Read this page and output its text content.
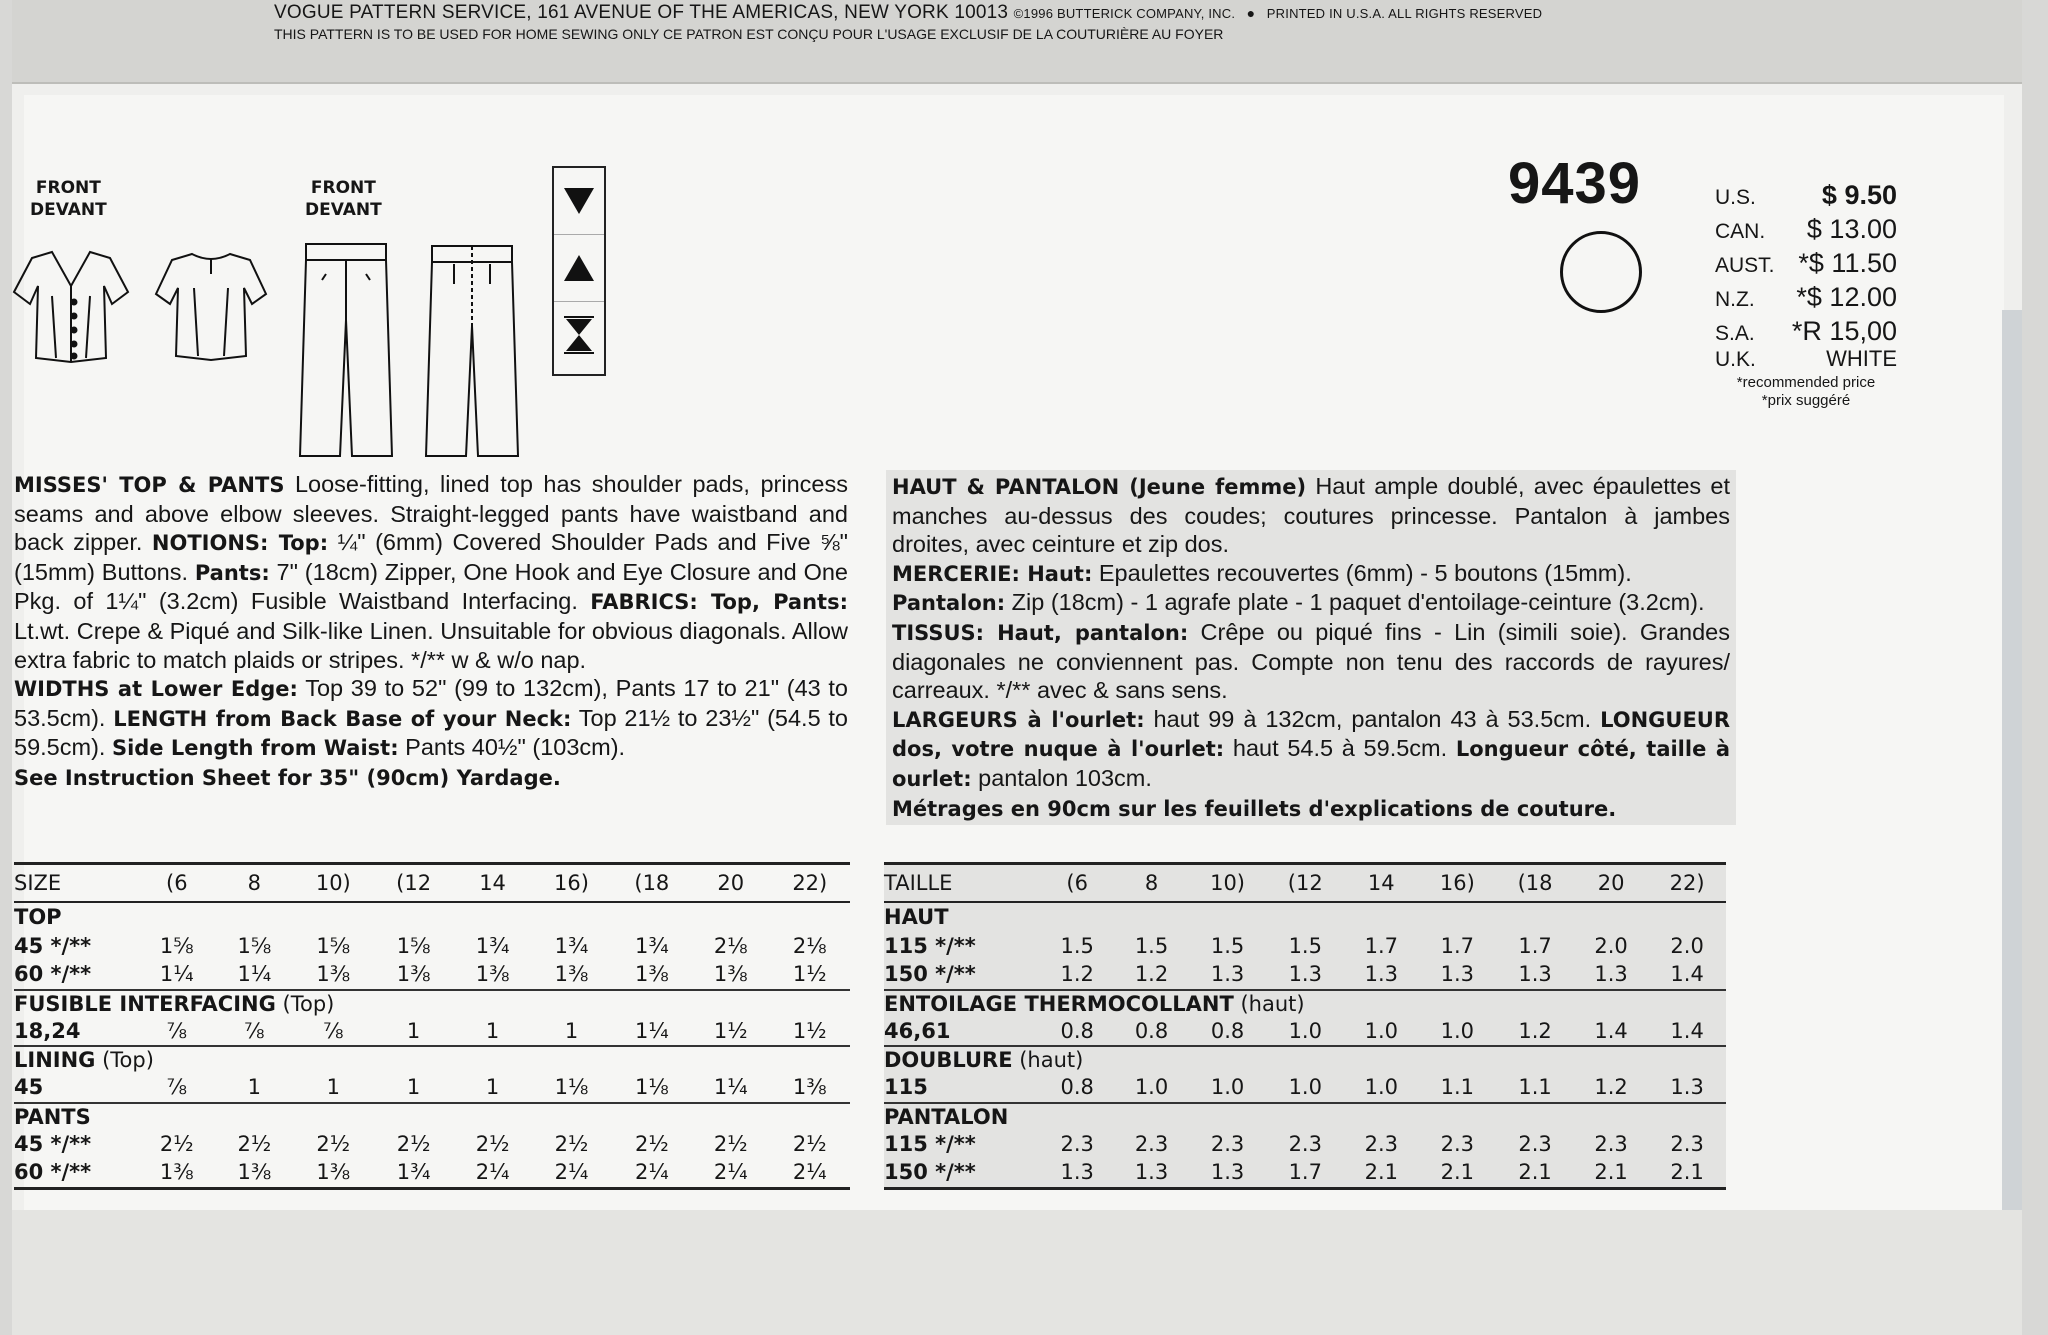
VOGUE PATTERN SERVICE, 161 AVENUE OF THE AMERICAS, NEW YORK 10013 ©1996 BUTTERICK COMPANY, INC. ● PRINTED IN U.S.A. ALL RIGHTS RESERVED
THIS PATTERN IS TO BE USED FOR HOME SEWING ONLY CE PATRON EST CONÇU POUR L'USAGE EXCLUSIF DE LA COUTURIÈRE AU FOYER
FRONT
DEVANT
FRONT
DEVANT	9439	U.S. $ 9.50
CAN. $ 13.00
AUST. *$ 11.50
N.Z. *$ 12.00
S.A. *R 15,00
U.K.	WHITE
*recommended price
*prix suggéré
MISSES' TOP & PANTS Loose-fitting, lined top has shoulder pads, princess seams and above elbow sleeves. Straight-legged pants have waistband and back zipper. NOTIONS: Top: ¼" (6mm) Covered Shoulder Pads and Five ⅝" (15mm) Buttons. Pants: 7" (18cm) Zipper, One Hook and Eye Closure and One Pkg. of 1¼" (3.2cm) Fusible Waistband Interfacing. FABRICS: Top, Pants: Lt.wt. Crepe & Piqué and Silk-like Linen. Unsuitable for obvious diagonals. Allow extra fabric to match plaids or stripes. */** w & w/o nap.
WIDTHS at Lower Edge: Top 39 to 52" (99 to 132cm), Pants 17 to 21" (43 to 53.5cm). LENGTH from Back Base of your Neck: Top 21½ to 23½" (54.5 to 59.5cm). Side Length from Waist: Pants 40½" (103cm).
See Instruction Sheet for 35" (90cm) Yardage.
HAUT & PANTALON (Jeune femme) Haut ample doublé, avec épaulettes et manches au-dessus des coudes; coutures princesse. Pantalon à jambes droites, avec ceinture et zip dos.
MERCERIE: Haut: Epaulettes recouvertes (6mm) - 5 boutons (15mm).
Pantalon: Zip (18cm) - 1 agrafe plate - 1 paquet d'entoilage-ceinture (3.2cm).
TISSUS: Haut, pantalon: Crêpe ou piqué fins - Lin (simili soie). Grandes diagonales ne conviennent pas. Compte non tenu des raccords de rayures/ carreaux. */** avec & sans sens.
LARGEURS à l'ourlet: haut 99 à 132cm, pantalon 43 à 53.5cm. LONGUEUR dos, votre nuque à l'ourlet: haut 54.5 à 59.5cm. Longueur côté, taille à ourlet: pantalon 103cm.
Métrages en 90cm sur les feuillets d'explications de couture.
SIZE	(6	8	10)	(12	14	16)	(18	20	22)
TOP									
45 */**	1⅝	1⅝	1⅝	1⅝	1¾	1¾	1¾	2⅛	2⅛
60 */**	1¼	1¼	1⅜	1⅜	1⅜	1⅜	1⅜	1⅜	1½
FUSIBLE INTERFACING (Top)									
18,24	⅞	⅞	⅞	1	1	1	1¼	1½	1½
LINING (Top)									
45	⅞	1	1	1	1	1⅛	1⅛	1¼	1⅜
PANTS									
45 */**	2½	2½	2½	2½	2½	2½	2½	2½	2½
60 */**	1⅜	1⅜	1⅜	1¾	2¼	2¼	2¼	2¼	2¼
TAILLE	(6	8	10)	(12	14	16)	(18	20	22)
HAUT									
115 */**	1.5	1.5	1.5	1.5	1.7	1.7	1.7	2.0	2.0
150 */**	1.2	1.2	1.3	1.3	1.3	1.3	1.3	1.3	1.4
ENTOILAGE THERMOCOLLANT (haut)									
46,61	0.8	0.8	0.8	1.0	1.0	1.0	1.2	1.4	1.4
DOUBLURE (haut)									
115	0.8	1.0	1.0	1.0	1.0	1.1	1.1	1.2	1.3
PANTALON									
115 */**	2.3	2.3	2.3	2.3	2.3	2.3	2.3	2.3	2.3
150 */**	1.3	1.3	1.3	1.7	2.1	2.1	2.1	2.1	2.1
